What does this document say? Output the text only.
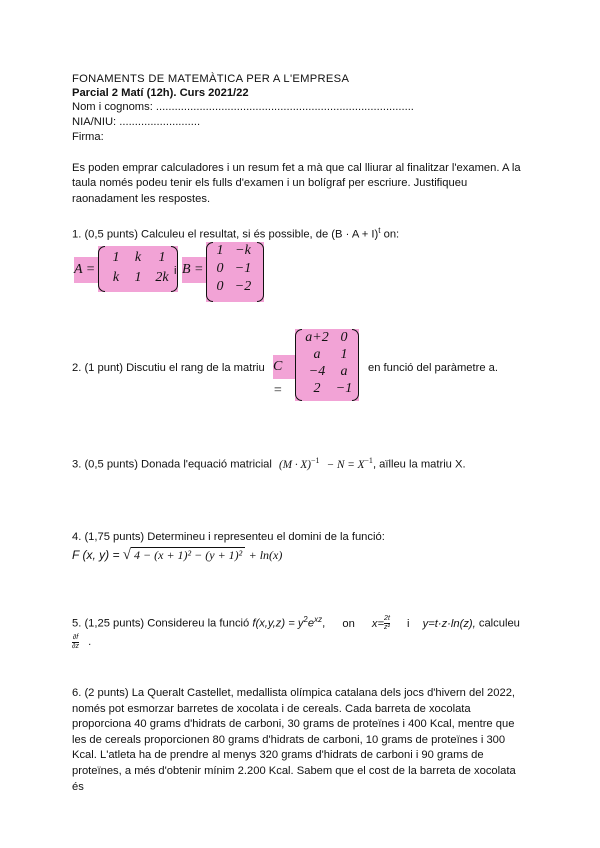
FONAMENTS DE MATEMÀTICA PER A L'EMPRESA
Parcial 2 Matí (12h). Curs 2021/22
Nom i cognoms: ...................................................................................
NIA/NIU: ..........................
Firma:
Es poden emprar calculadores i un resum fet a mà que cal lliurar al finalitzar l'examen. A la taula només podeu tenir els fulls d'examen i un bolígraf per escriure. Justifiqueu raonadament les respostes.
1. (0,5 punts) Calculeu el resultat, si és possible, de $(B \cdot A + I)^t$ on:
A =
1	k	1
k	1 2k i B =
1 −k
0 −1
0 −2
2. (1 punt) Discutiu el rang de la matriu C =
a+2 0
a	1
−4	a
2	−1
en funció del paràmetre a.
3. (0,5 punts) Donada l'equació matricial $(M \cdot X)^{-1} - N = X^{-1}$, aïlleu la matriu X.
4. (1,75 punts) Determineu i representeu el domini de la funció:
F (x, y) = √ 4 − (x + 1)² − (y + 1)² + ln(x)
5. (1,25 punts) Considereu la funció $f(x,y,z) = y^2e^{xz}$, on $x= \frac{2t}{\text{z²}}$ i y=t·z·ln(z), calculeu
$\frac{\partial f}{\partial z}$ .
6. (2 punts) La Queralt Castellet, medallista olímpica catalana dels jocs d'hivern del 2022, només pot esmorzar barretes de xocolata i de cereals. Cada barreta de xocolata proporciona 40 grams d'hidrats de carboni, 30 grams de proteïnes i 400 Kcal, mentre que les de cereals proporcionen 80 grams d'hidrats de carboni, 10 grams de proteïnes i 300 Kcal. L'atleta ha de prendre al menys 320 grams d'hidrats de carboni i 90 grams de proteïnes, a més d'obtenir mínim 2.200 Kcal. Sabem que el cost de la barreta de xocolata és
